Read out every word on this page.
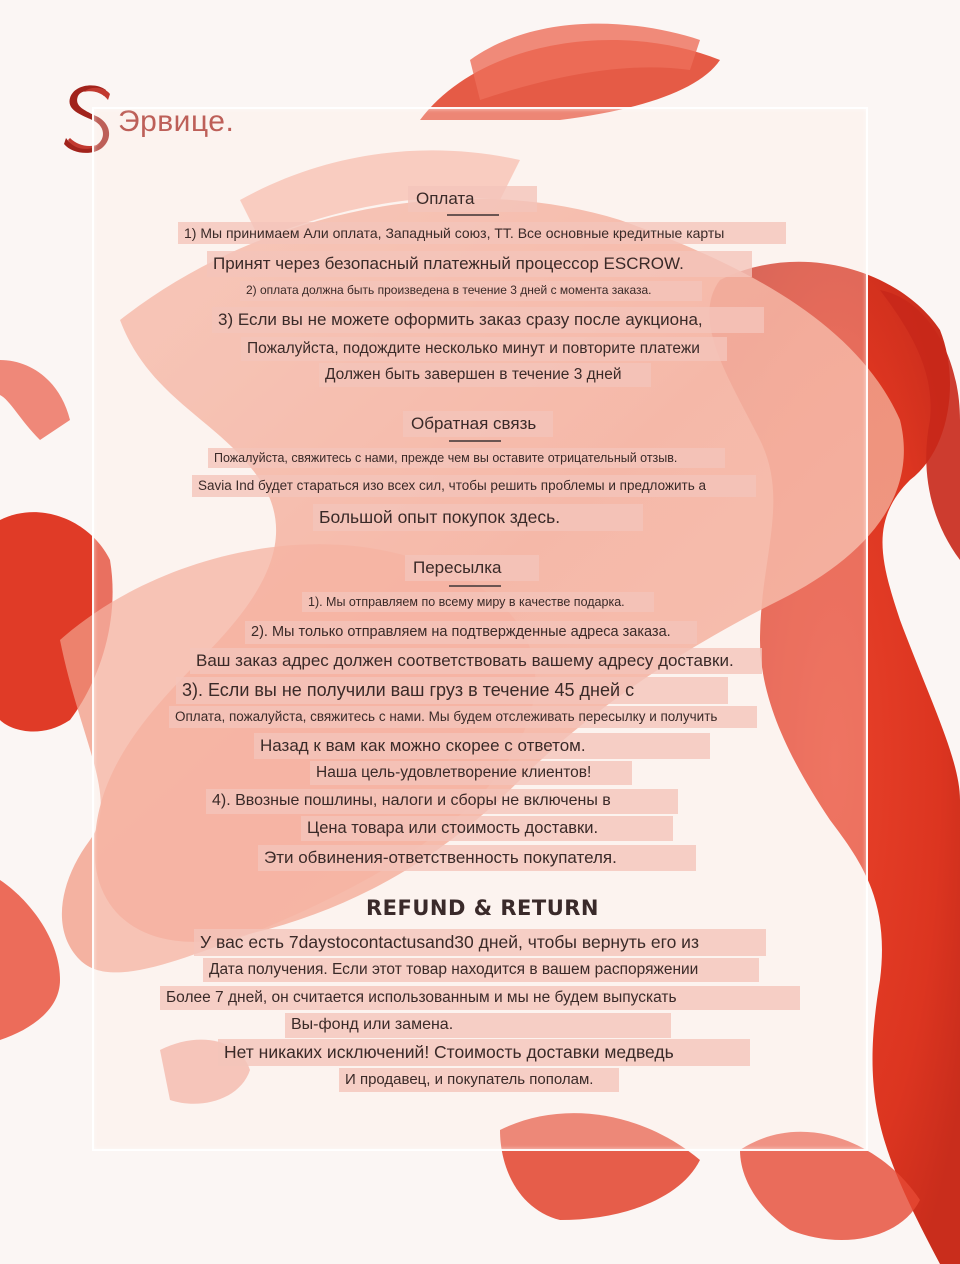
Эрвице.
Оплата
1) Мы принимаем Али оплата, Западный союз, TT. Все основные кредитные карты
Принят через безопасный платежный процессор ESCROW.
2) оплата должна быть произведена в течение 3 дней с момента заказа.
3) Если вы не можете оформить заказ сразу после аукциона,
Пожалуйста, подождите несколько минут и повторите платежи
Должен быть завершен в течение 3 дней
Обратная связь
Пожалуйста, свяжитесь с нами, прежде чем вы оставите отрицательный отзыв.
Savia Ind будет стараться изо всех сил, чтобы решить проблемы и предложить а
Большой опыт покупок здесь.
Пересылка
1). Мы отправляем по всему миру в качестве подарка.
2). Мы только отправляем на подтвержденные адреса заказа.
Ваш заказ адрес должен соответствовать вашему адресу доставки.
3). Если вы не получили ваш груз в течение 45 дней с
Оплата, пожалуйста, свяжитесь с нами. Мы будем отслеживать пересылку и получить
Назад к вам как можно скорее с ответом.
Наша цель-удовлетворение клиентов!
4). Ввозные пошлины, налоги и сборы не включены в
Цена товара или стоимость доставки.
Эти обвинения-ответственность покупателя.
REFUND & RETURN
У вас есть 7daystocontactusand30 дней, чтобы вернуть его из
Дата получения. Если этот товар находится в вашем распоряжении
Более 7 дней, он считается использованным и мы не будем выпускать
Вы-фонд или замена.
Нет никаких исключений! Стоимость доставки медведь
И продавец, и покупатель пополам.
